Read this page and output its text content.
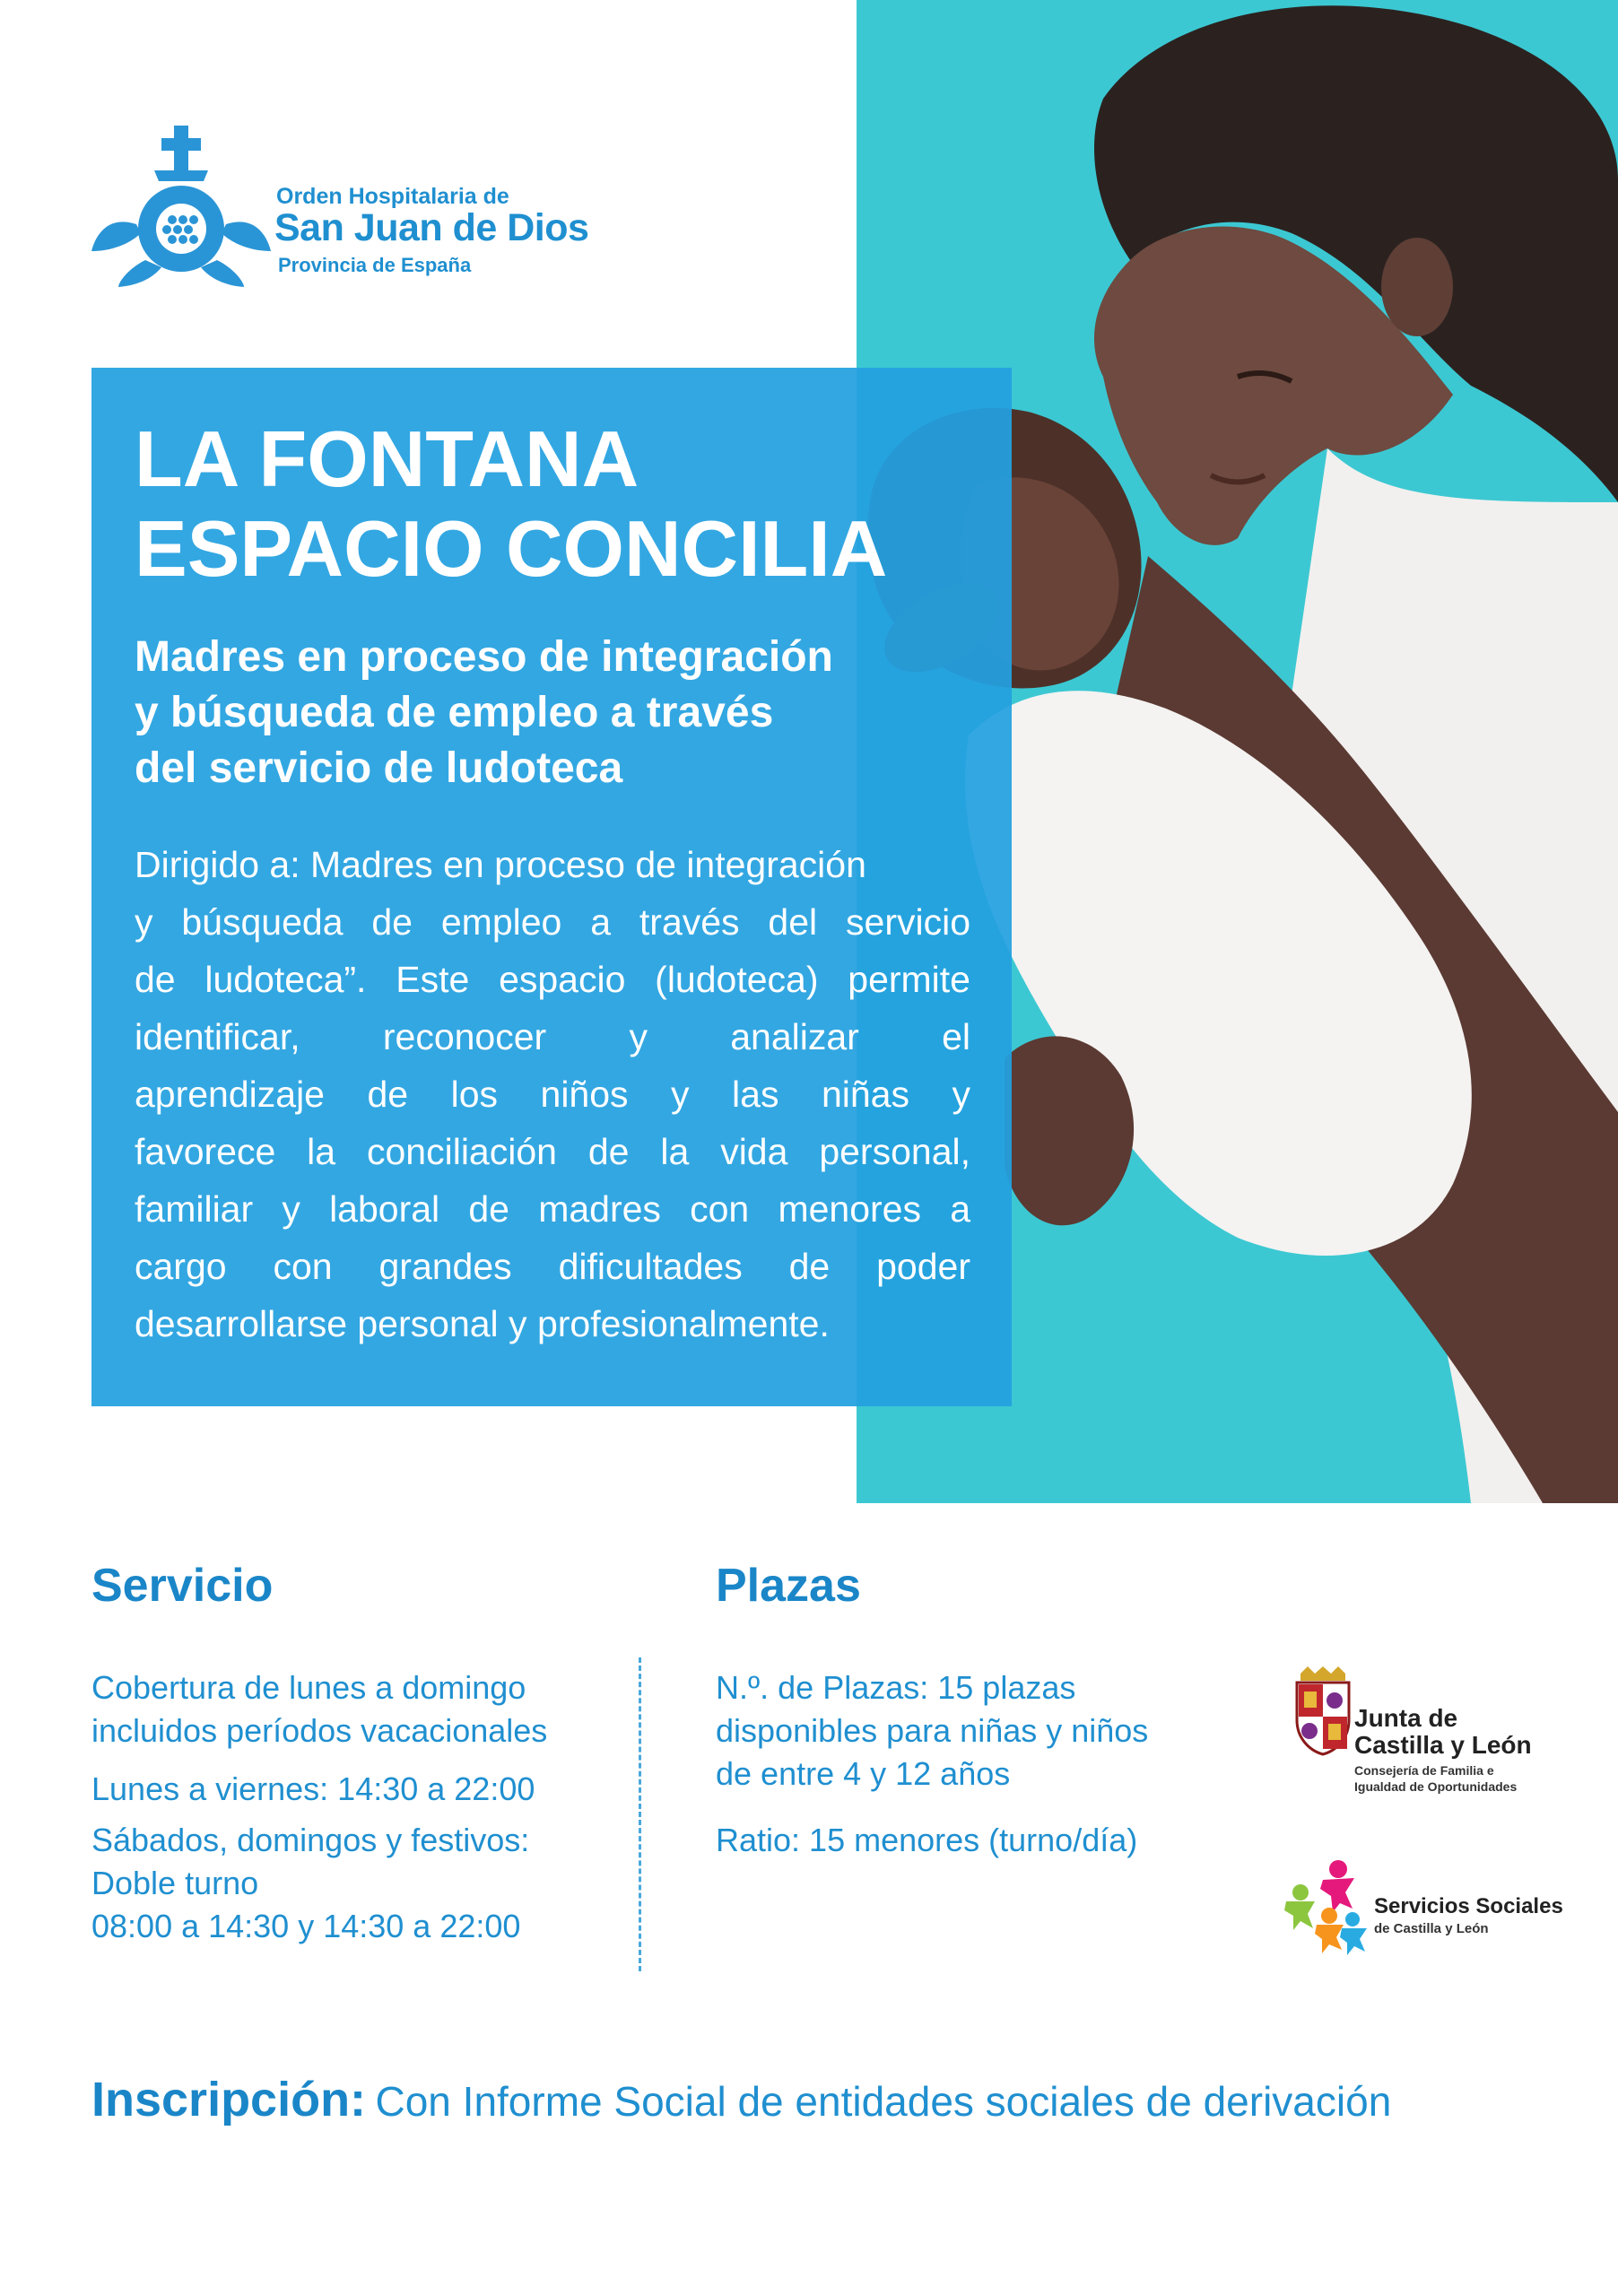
Orden Hospitalaria de
San Juan de Dios
Provincia de España
LA FONTANA
ESPACIO CONCILIA
Madres en proceso de integración
y búsqueda de empleo a través
del servicio de ludoteca
Dirigido a: Madres en proceso de integración
y búsqueda de empleo a través del servicio
de ludoteca”. Este espacio (ludoteca) permite
identificar, reconocer y analizar el
aprendizaje de los niños y las niñas y
favorece la conciliación de la vida personal,
familiar y laboral de madres con menores a
cargo con grandes dificultades de poder
desarrollarse personal y profesionalmente.
Servicio
Cobertura de lunes a domingo
incluidos períodos vacacionales
Lunes a viernes: 14:30 a 22:00
Sábados, domingos y festivos:
Doble turno
08:00 a 14:30 y 14:30 a 22:00
Plazas
N.º. de Plazas: 15 plazas
disponibles para niñas y niños
de entre 4 y 12 años
Ratio: 15 menores (turno/día)
Junta de
Castilla y León
Consejería de Familia e
Igualdad de Oportunidades
Servicios Sociales
de Castilla y León
Inscripción: Con Informe Social de entidades sociales de derivación
